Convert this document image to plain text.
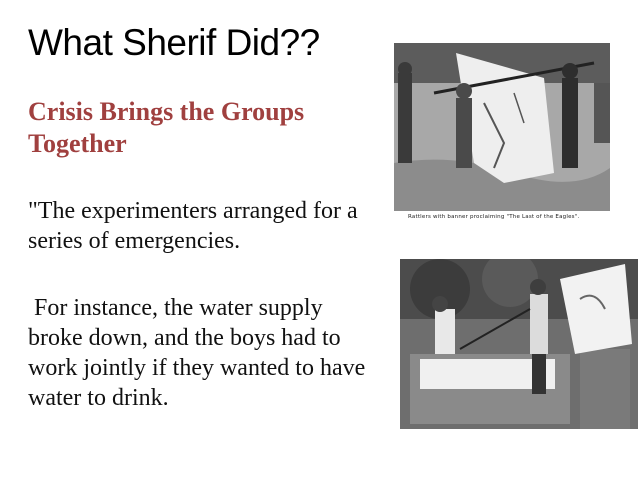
What Sherif Did??
Crisis Brings the Groups Together
"The experimenters arranged for a series of emergencies.
For instance, the water supply broke down, and the boys had to work jointly if they wanted to have water to drink.
Rattlers with banner proclaiming "The Last of the Eagles".
